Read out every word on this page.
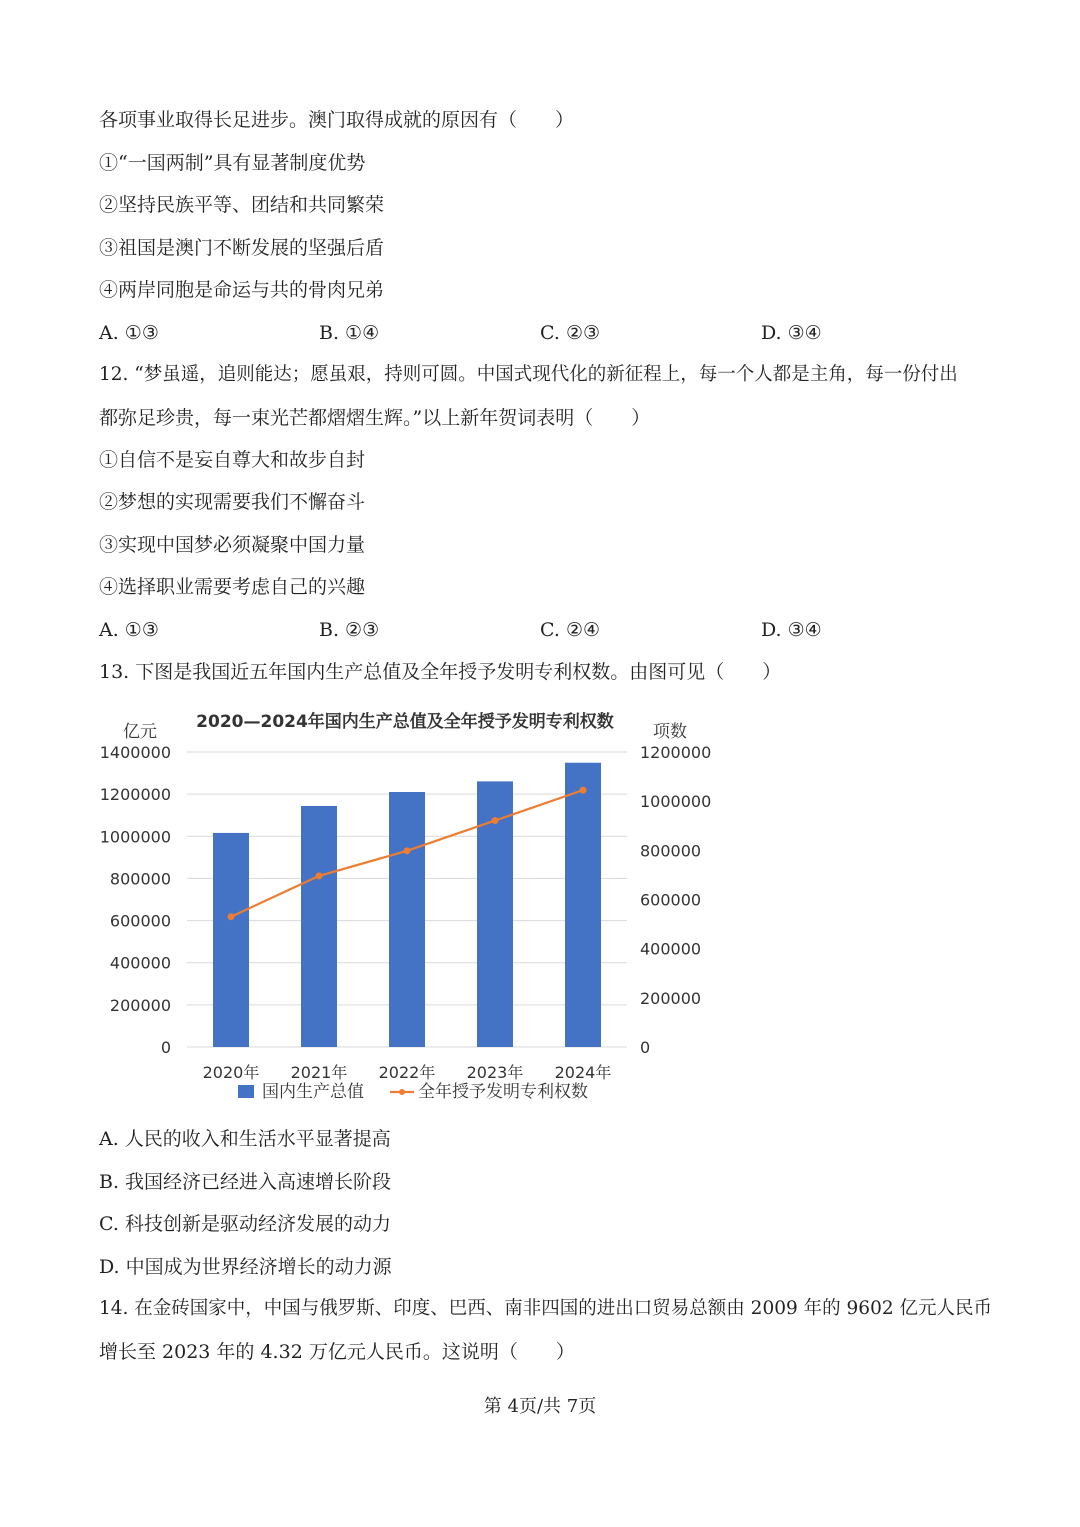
各项事业取得长足进步。澳门取得成就的原因有（　　）
①“一国两制”具有显著制度优势
②坚持民族平等、团结和共同繁荣
③祖国是澳门不断发展的坚强后盾
④两岸同胞是命运与共的骨肉兄弟
A. ①③	B. ①④	C. ②③	D. ③④
12. “梦虽遥，追则能达；愿虽艰，持则可圆。中国式现代化的新征程上，每一个人都是主角，每一份付出
都弥足珍贵，每一束光芒都熠熠生辉。”以上新年贺词表明（　　）
①自信不是妄自尊大和故步自封
②梦想的实现需要我们不懈奋斗
③实现中国梦必须凝聚中国力量
④选择职业需要考虑自己的兴趣
A. ①③	B. ②③	C. ②④	D. ③④
13. 下图是我国近五年国内生产总值及全年授予发明专利权数。由图可见（　　）
2020—2024年国内生产总值及全年授予发明专利权数
亿元	项数
0
200000
400000
600000
800000
1000000
1200000
1400000
0
200000
400000
600000
800000
1000000
1200000
2020年 2021年 2022年 2023年 2024年
国内生产总值	全年授予发明专利权数
A. 人民的收入和生活水平显著提高
B. 我国经济已经进入高速增长阶段
C. 科技创新是驱动经济发展的动力
D. 中国成为世界经济增长的动力源
14. 在金砖国家中，中国与俄罗斯、印度、巴西、南非四国的进出口贸易总额由 2009 年的 9602 亿元人民币
增长至 2023 年的 4.32 万亿元人民币。这说明（　　）
第 4页/共 7页
